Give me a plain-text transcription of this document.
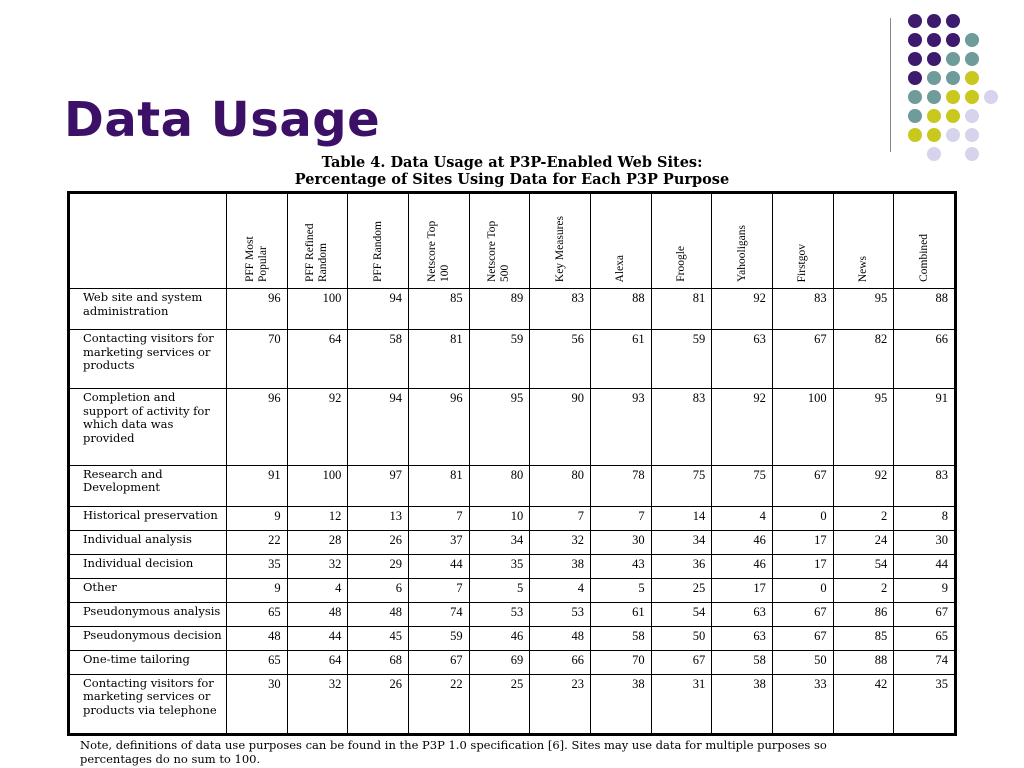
Data Usage
Table 4. Data Usage at P3P-Enabled Web Sites:
Percentage of Sites Using Data for Each P3P Purpose

	PFF Most Popular	PFF Refined Random	PFF Random	Netscore Top 100	Netscore Top 500	Key Measures	Alexa	Froogle	Yahooligans	Firstgov	News	Combined

Web site and system administration	96	100	94	85	89	83	88	81	92	83	95	88
Contacting visitors for marketing services or products	70	64	58	81	59	56	61	59	63	67	82	66
Completion and support of activity for which data was provided	96	92	94	96	95	90	93	83	92	100	95	91
Research and Development	91	100	97	81	80	80	78	75	75	67	92	83
Historical preservation	9	12	13	7	10	7	7	14	4	0	2	8
Individual analysis	22	28	26	37	34	32	30	34	46	17	24	30
Individual decision	35	32	29	44	35	38	43	36	46	17	54	44
Other	9	4	6	7	5	4	5	25	17	0	2	9
Pseudonymous analysis	65	48	48	74	53	53	61	54	63	67	86	67
Pseudonymous decision	48	44	45	59	46	48	58	50	63	67	85	65
One-time tailoring	65	64	68	67	69	66	70	67	58	50	88	74
Contacting visitors for marketing services or products via telephone	30	32	26	22	25	23	38	31	38	33	42	35
Note, definitions of data use purposes can be found in the P3P 1.0 specification [6]. Sites may use data for multiple purposes so
percentages do no sum to 100.
